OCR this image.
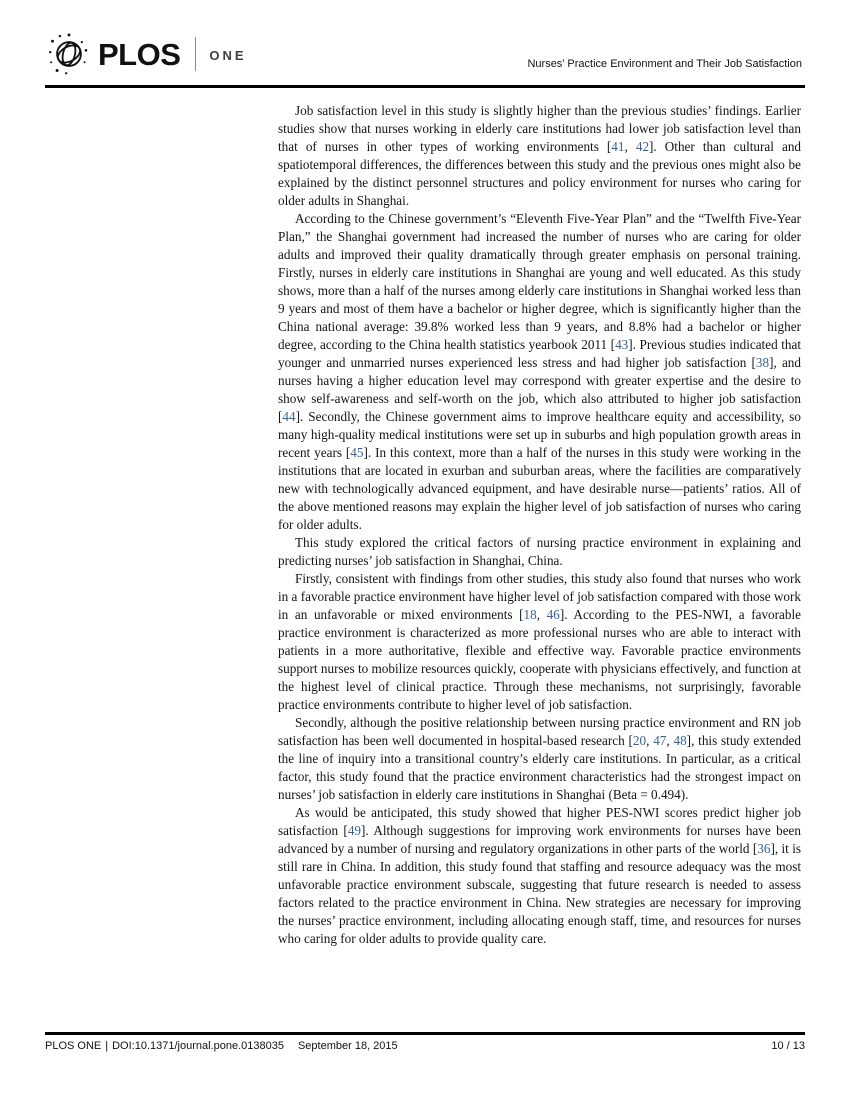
PLOS ONE
Nurses’ Practice Environment and Their Job Satisfaction

Job satisfaction level in this study is slightly higher than the previous studies’ findings. Earlier studies show that nurses working in elderly care institutions had lower job satisfaction level than that of nurses in other types of working environments [41, 42]. Other than cultural and spatiotemporal differences, the differences between this study and the previous ones might also be explained by the distinct personnel structures and policy environment for nurses who caring for older adults in Shanghai.

According to the Chinese government’s “Eleventh Five-Year Plan” and the “Twelfth Five-Year Plan,” the Shanghai government had increased the number of nurses who are caring for older adults and improved their quality dramatically through greater emphasis on personal training. Firstly, nurses in elderly care institutions in Shanghai are young and well educated. As this study shows, more than a half of the nurses among elderly care institutions in Shanghai worked less than 9 years and most of them have a bachelor or higher degree, which is significantly higher than the China national average: 39.8% worked less than 9 years, and 8.8% had a bachelor or higher degree, according to the China health statistics yearbook 2011 [43]. Previous studies indicated that younger and unmarried nurses experienced less stress and had higher job satisfaction [38], and nurses having a higher education level may correspond with greater expertise and the desire to show self-awareness and self-worth on the job, which also attributed to higher job satisfaction [44]. Secondly, the Chinese government aims to improve healthcare equity and accessibility, so many high-quality medical institutions were set up in suburbs and high population growth areas in recent years [45]. In this context, more than a half of the nurses in this study were working in the institutions that are located in exurban and suburban areas, where the facilities are comparatively new with technologically advanced equipment, and have desirable nurse—patients’ ratios. All of the above mentioned reasons may explain the higher level of job satisfaction of nurses who caring for older adults.

This study explored the critical factors of nursing practice environment in explaining and predicting nurses’ job satisfaction in Shanghai, China.

Firstly, consistent with findings from other studies, this study also found that nurses who work in a favorable practice environment have higher level of job satisfaction compared with those work in an unfavorable or mixed environments [18, 46]. According to the PES-NWI, a favorable practice environment is characterized as more professional nurses who are able to interact with patients in a more authoritative, flexible and effective way. Favorable practice environments support nurses to mobilize resources quickly, cooperate with physicians effectively, and function at the highest level of clinical practice. Through these mechanisms, not surprisingly, favorable practice environments contribute to higher level of job satisfaction.

Secondly, although the positive relationship between nursing practice environment and RN job satisfaction has been well documented in hospital-based research [20, 47, 48], this study extended the line of inquiry into a transitional country’s elderly care institutions. In particular, as a critical factor, this study found that the practice environment characteristics had the strongest impact on nurses’ job satisfaction in elderly care institutions in Shanghai (Beta = 0.494).

As would be anticipated, this study showed that higher PES-NWI scores predict higher job satisfaction [49]. Although suggestions for improving work environments for nurses have been advanced by a number of nursing and regulatory organizations in other parts of the world [36], it is still rare in China. In addition, this study found that staffing and resource adequacy was the most unfavorable practice environment subscale, suggesting that future research is needed to assess factors related to the practice environment in China. New strategies are necessary for improving the nurses’ practice environment, including allocating enough staff, time, and resources for nurses who caring for older adults to provide quality care.

PLOS ONE | DOI:10.1371/journal.pone.0138035 September 18, 2015	10 / 13
